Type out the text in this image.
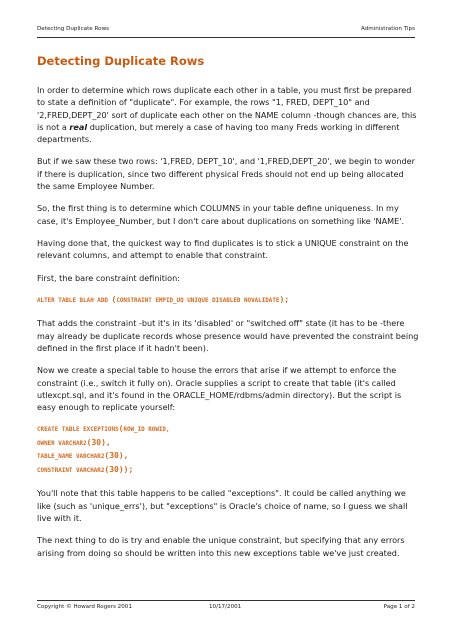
Detecting Duplicate Rows	Administration Tips
Detecting Duplicate Rows

In order to determine which rows duplicate each other in a table, you must first be prepared to state a definition of "duplicate". For example, the rows "1, FRED, DEPT_10" and '2,FRED,DEPT_20' sort of duplicate each other on the NAME column -though chances are, this is not a real duplication, but merely a case of having too many Freds working in different departments.

But if we saw these two rows: '1,FRED, DEPT_10', and '1,FRED,DEPT_20', we begin to wonder if there is duplication, since two different physical Freds should not end up being allocated the same Employee Number.

So, the first thing is to determine which COLUMNS in your table define uniqueness. In my case, it's Employee_Number, but I don't care about duplications on something like 'NAME'.

Having done that, the quickest way to find duplicates is to stick a UNIQUE constraint on the relevant columns, and attempt to enable that constraint.

First, the bare constraint definition:

ALTER TABLE BLAH ADD (CONSTRAINT EMPID_UQ UNIQUE DISABLED NOVALIDATE);

That adds the constraint -but it's in its 'disabled' or "switched off" state (it has to be -there may already be duplicate records whose presence would have prevented the constraint being defined in the first place if it hadn't been).

Now we create a special table to house the errors that arise if we attempt to enforce the constraint (i.e., switch it fully on). Oracle supplies a script to create that table (it's called utlexcpt.sql, and it's found in the ORACLE_HOME/rdbms/admin directory). But the script is easy enough to replicate yourself:

CREATE TABLE EXCEPTIONS(ROW_ID ROWID,
OWNER VARCHAR2(30),
TABLE_NAME VARCHAR2(30),
CONSTRAINT VARCHAR2(30));

You'll note that this table happens to be called "exceptions". It could be called anything we like (such as 'unique_errs'), but "exceptions" is Oracle's choice of name, so I guess we shall live with it.

The next thing to do is try and enable the unique constraint, but specifying that any errors arising from doing so should be written into this new exceptions table we've just created.

Copyright © Howard Rogers 2001	10/17/2001	Page 1 of 2
